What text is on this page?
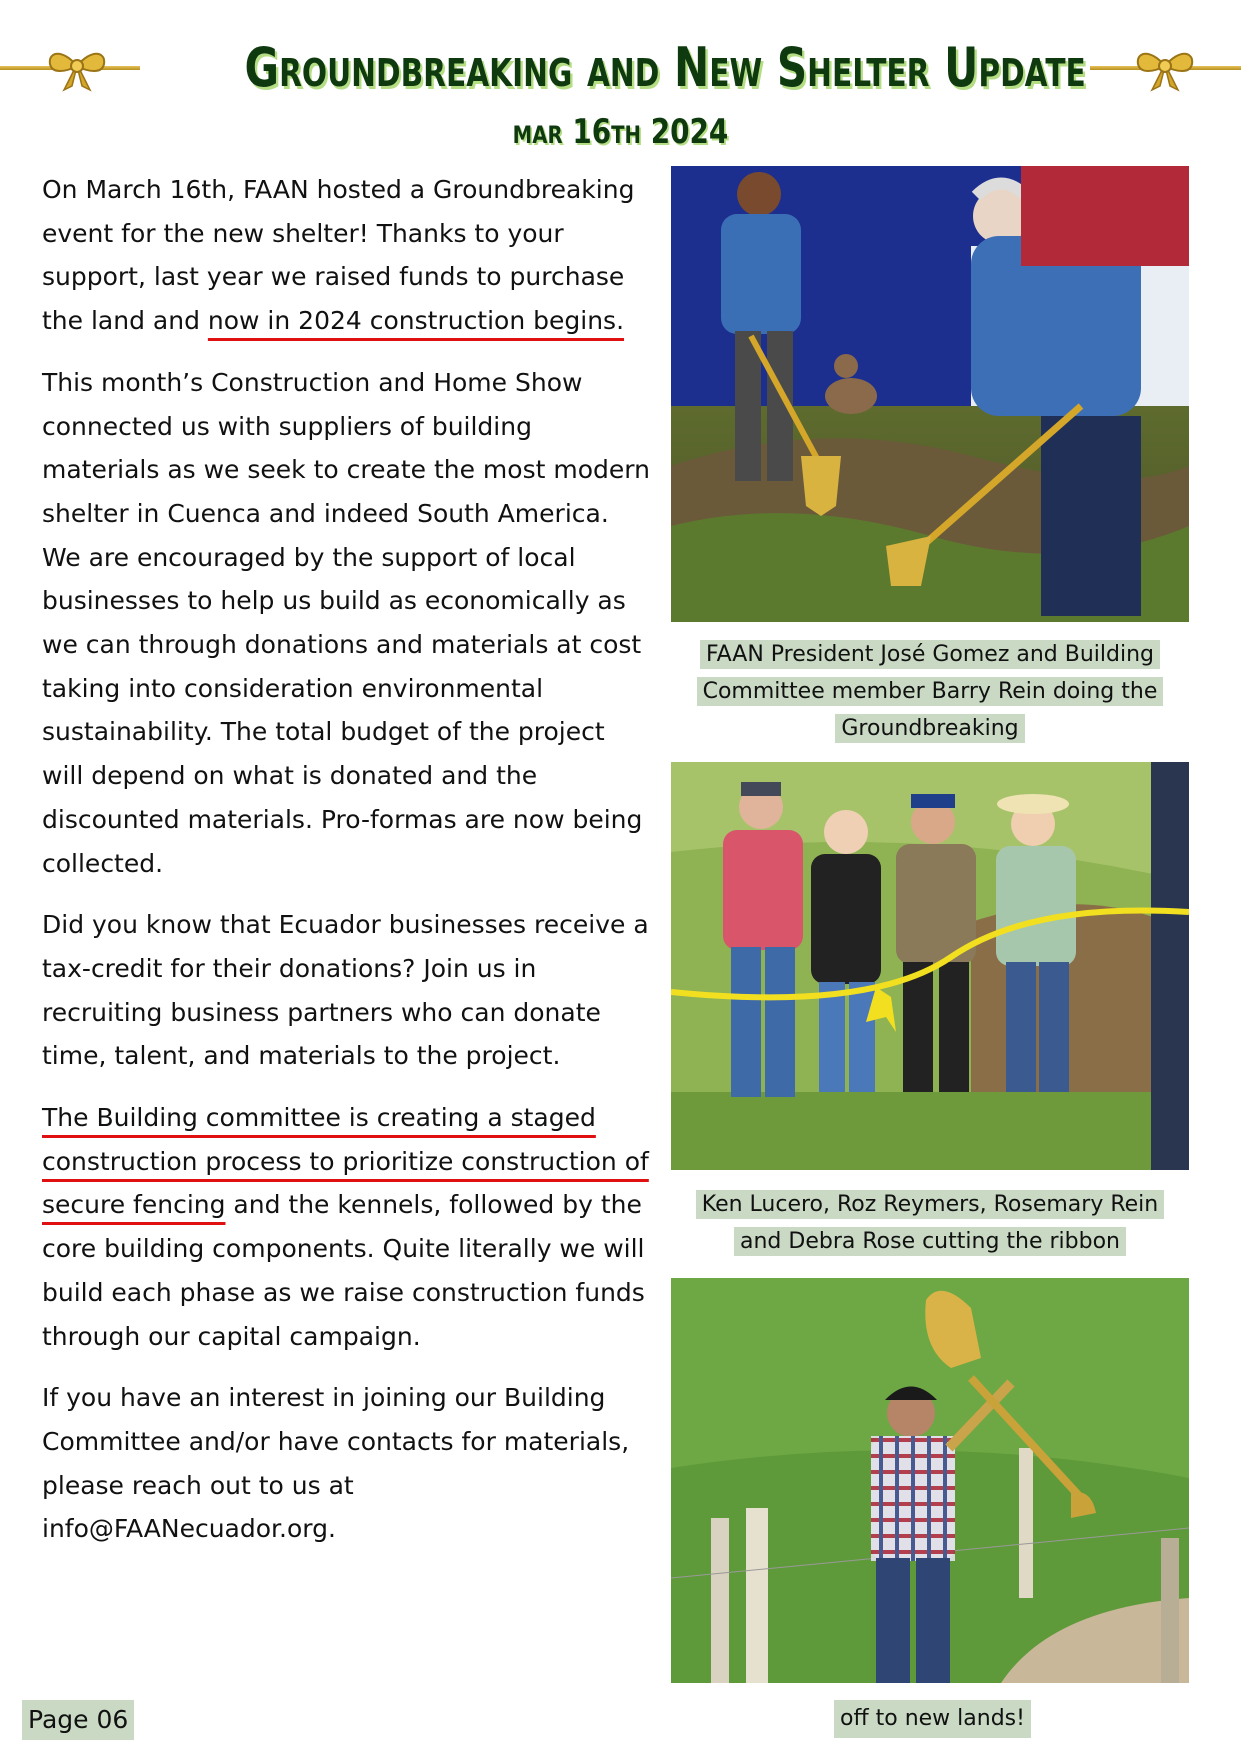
Groundbreaking and New Shelter Update
mar 16th 2024

On March 16th, FAAN hosted a Groundbreaking event for the new shelter! Thanks to your support, last year we raised funds to purchase the land and now in 2024 construction begins.

This month’s Construction and Home Show connected us with suppliers of building materials as we seek to create the most modern shelter in Cuenca and indeed South America.

We are encouraged by the support of local businesses to help us build as economically as we can through donations and materials at cost taking into consideration environmental sustainability. The total budget of the project will depend on what is donated and the discounted materials. Pro-formas are now being collected.

Did you know that Ecuador businesses receive a tax-credit for their donations? Join us in recruiting business partners who can donate time, talent, and materials to the project.

The Building committee is creating a staged construction process to prioritize construction of secure fencing and the kennels, followed by the core building components. Quite literally we will build each phase as we raise construction funds through our capital campaign.

If you have an interest in joining our Building Committee and/or have contacts for materials, please reach out to us at info@FAANecuador.org.

FAAN President José Gomez and Building Committee member Barry Rein doing the Groundbreaking
Ken Lucero, Roz Reymers, Rosemary Rein and Debra Rose cutting the ribbon
Page 06	off to new lands!
